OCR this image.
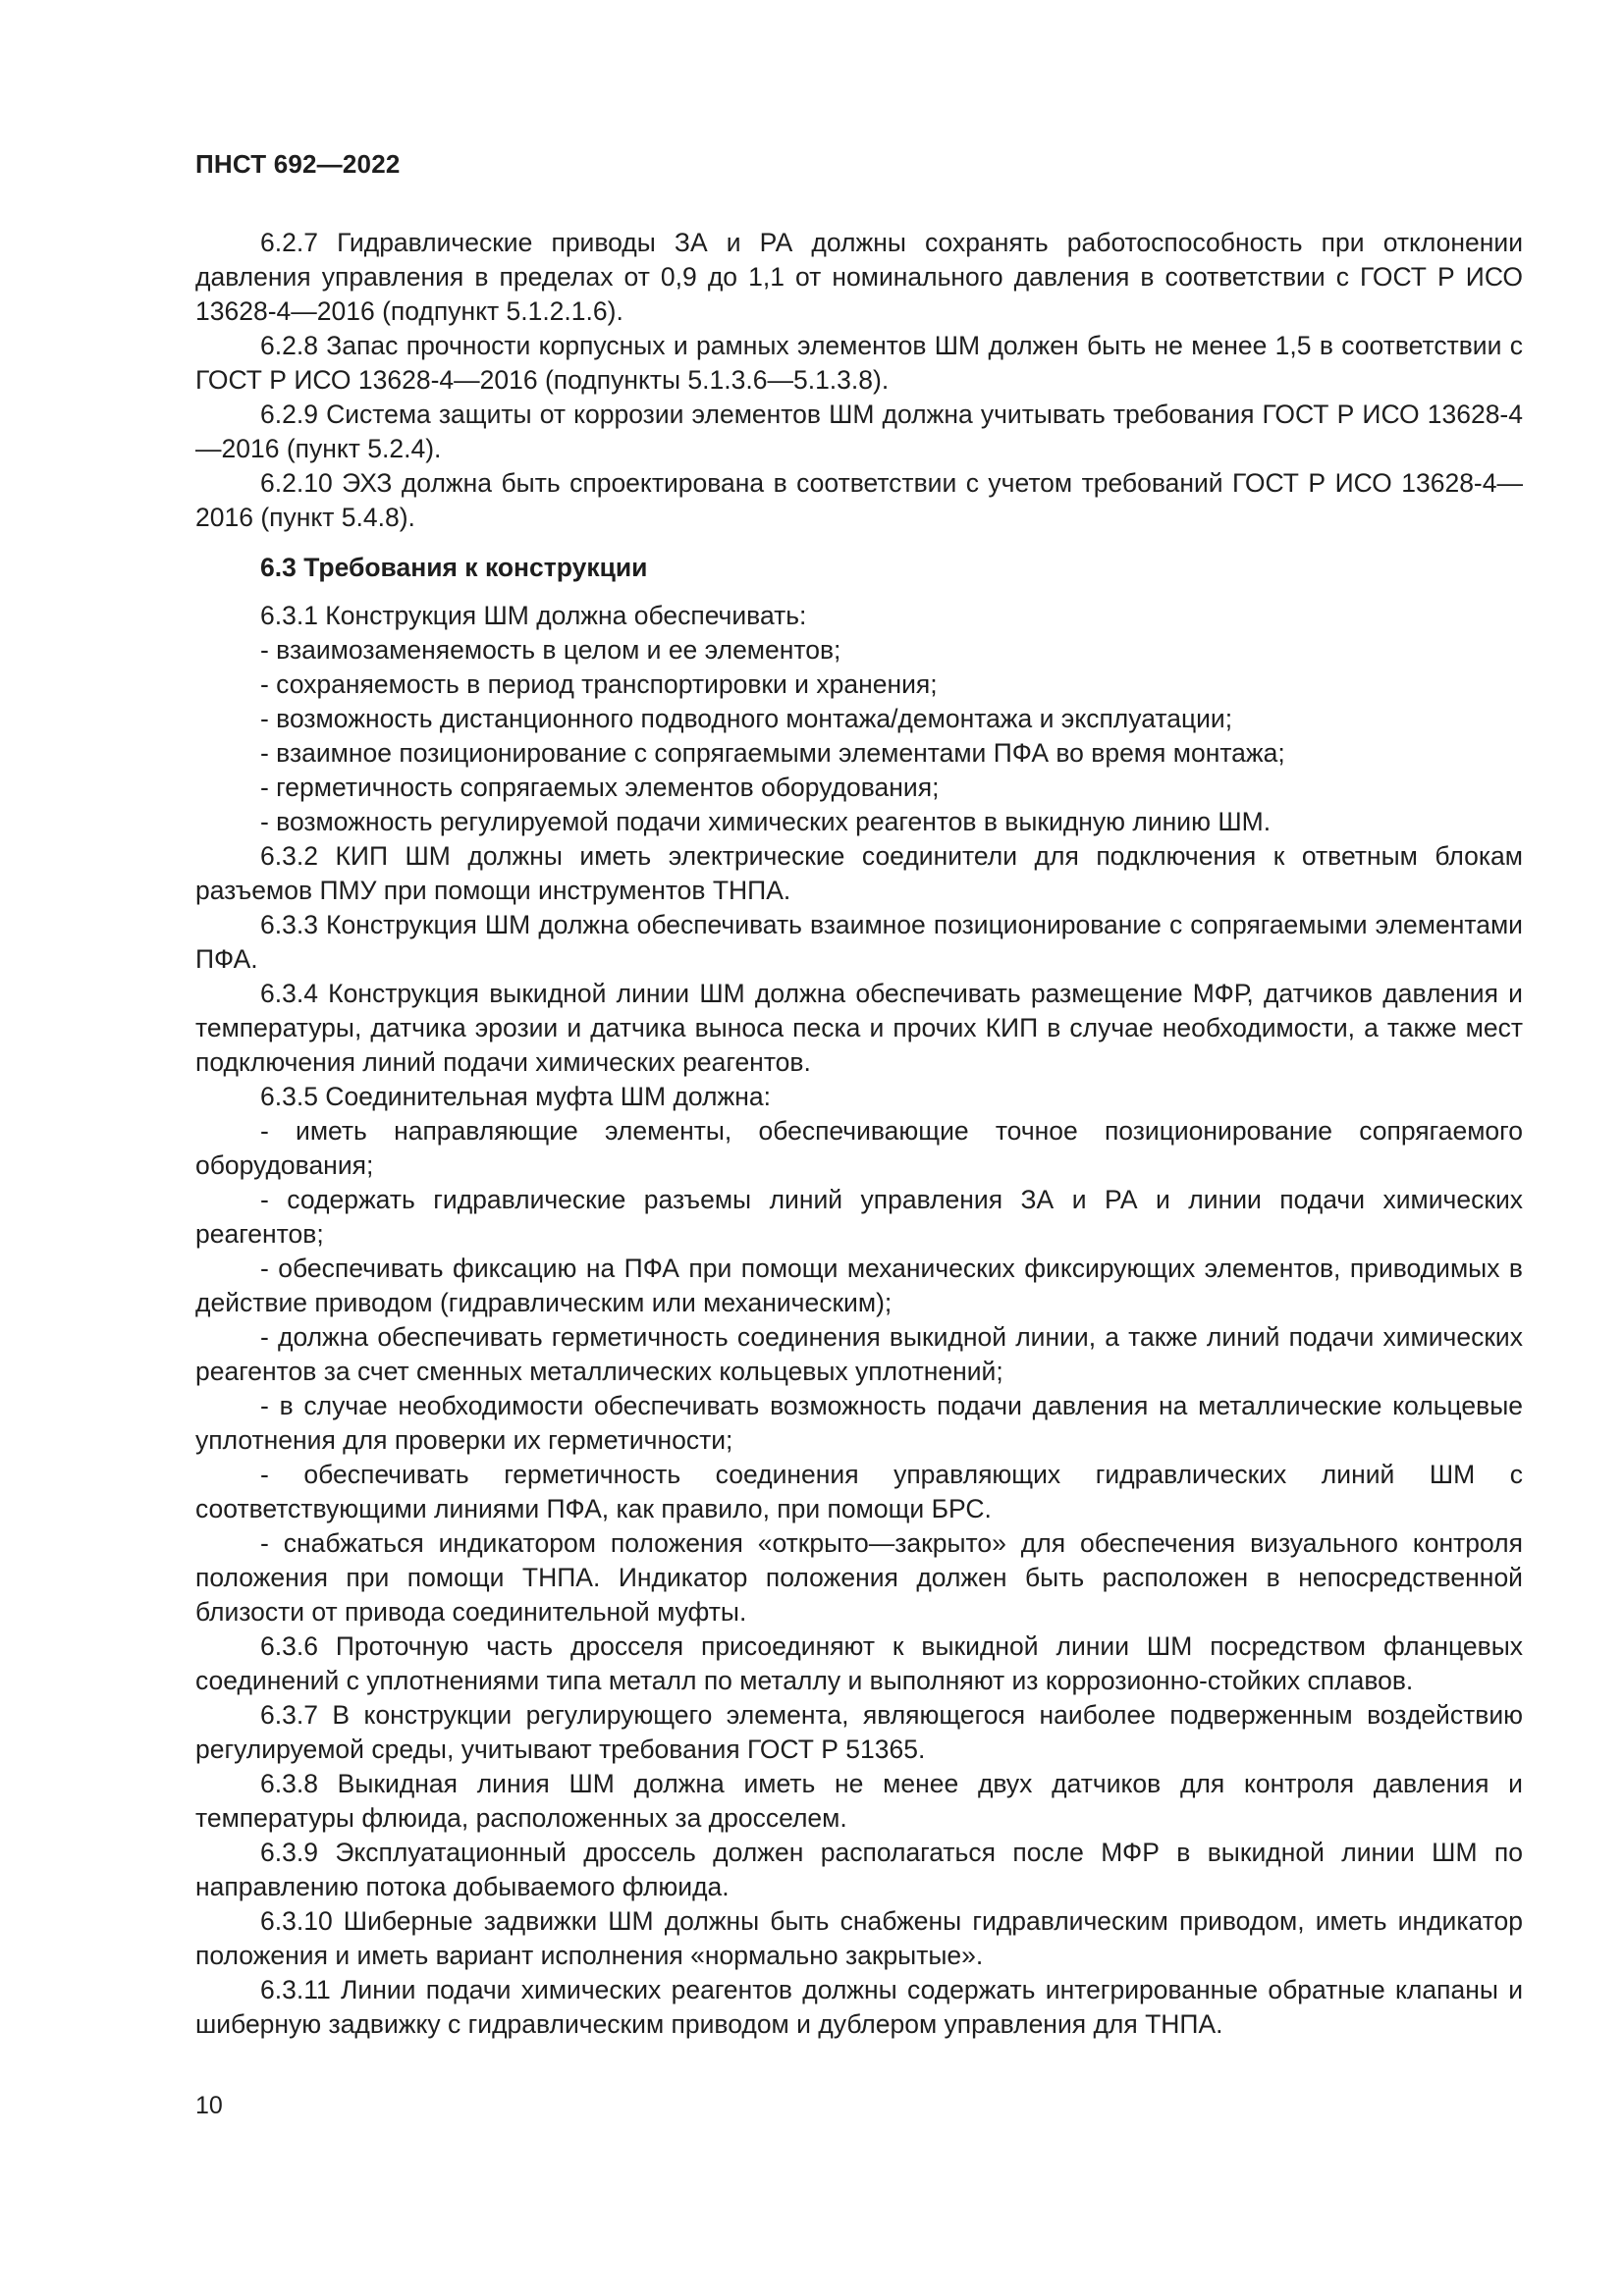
ПНСТ 692—2022

6.2.7 Гидравлические приводы ЗА и РА должны сохранять работоспособность при отклонении давления управления в пределах от 0,9 до 1,1 от номинального давления в соответствии с ГОСТ Р ИСО 13628-4—2016 (подпункт 5.1.2.1.6).

6.2.8 Запас прочности корпусных и рамных элементов ШМ должен быть не менее 1,5 в соответствии с ГОСТ Р ИСО 13628-4—2016 (подпункты 5.1.3.6—5.1.3.8).

6.2.9 Система защиты от коррозии элементов ШМ должна учитывать требования ГОСТ Р ИСО 13628-4—2016 (пункт 5.2.4).

6.2.10 ЭХЗ должна быть спроектирована в соответствии с учетом требований ГОСТ Р ИСО 13628-4—2016 (пункт 5.4.8).

6.3 Требования к конструкции

6.3.1 Конструкция ШМ должна обеспечивать:

- взаимозаменяемость в целом и ее элементов;

- сохраняемость в период транспортировки и хранения;

- возможность дистанционного подводного монтажа/демонтажа и эксплуатации;

- взаимное позиционирование с сопрягаемыми элементами ПФА во время монтажа;

- герметичность сопрягаемых элементов оборудования;

- возможность регулируемой подачи химических реагентов в выкидную линию ШМ.

6.3.2 КИП ШМ должны иметь электрические соединители для подключения к ответным блокам разъемов ПМУ при помощи инструментов ТНПА.

6.3.3 Конструкция ШМ должна обеспечивать взаимное позиционирование с сопрягаемыми элементами ПФА.

6.3.4 Конструкция выкидной линии ШМ должна обеспечивать размещение МФР, датчиков давления и температуры, датчика эрозии и датчика выноса песка и прочих КИП в случае необходимости, а также мест подключения линий подачи химических реагентов.

6.3.5 Соединительная муфта ШМ должна:

- иметь направляющие элементы, обеспечивающие точное позиционирование сопрягаемого оборудования;

- содержать гидравлические разъемы линий управления ЗА и РА и линии подачи химических реагентов;

- обеспечивать фиксацию на ПФА при помощи механических фиксирующих элементов, приводимых в действие приводом (гидравлическим или механическим);

- должна обеспечивать герметичность соединения выкидной линии, а также линий подачи химических реагентов за счет сменных металлических кольцевых уплотнений;

- в случае необходимости обеспечивать возможность подачи давления на металлические кольцевые уплотнения для проверки их герметичности;

- обеспечивать герметичность соединения управляющих гидравлических линий ШМ с соответствующими линиями ПФА, как правило, при помощи БРС.

- снабжаться индикатором положения «открыто—закрыто» для обеспечения визуального контроля положения при помощи ТНПА. Индикатор положения должен быть расположен в непосредственной близости от привода соединительной муфты.

6.3.6 Проточную часть дросселя присоединяют к выкидной линии ШМ посредством фланцевых соединений с уплотнениями типа металл по металлу и выполняют из коррозионно-стойких сплавов.

6.3.7 В конструкции регулирующего элемента, являющегося наиболее подверженным воздействию регулируемой среды, учитывают требования ГОСТ Р 51365.

6.3.8 Выкидная линия ШМ должна иметь не менее двух датчиков для контроля давления и температуры флюида, расположенных за дросселем.

6.3.9 Эксплуатационный дроссель должен располагаться после МФР в выкидной линии ШМ по направлению потока добываемого флюида.

6.3.10 Шиберные задвижки ШМ должны быть снабжены гидравлическим приводом, иметь индикатор положения и иметь вариант исполнения «нормально закрытые».

6.3.11 Линии подачи химических реагентов должны содержать интегрированные обратные клапаны и шиберную задвижку с гидравлическим приводом и дублером управления для ТНПА.

10
